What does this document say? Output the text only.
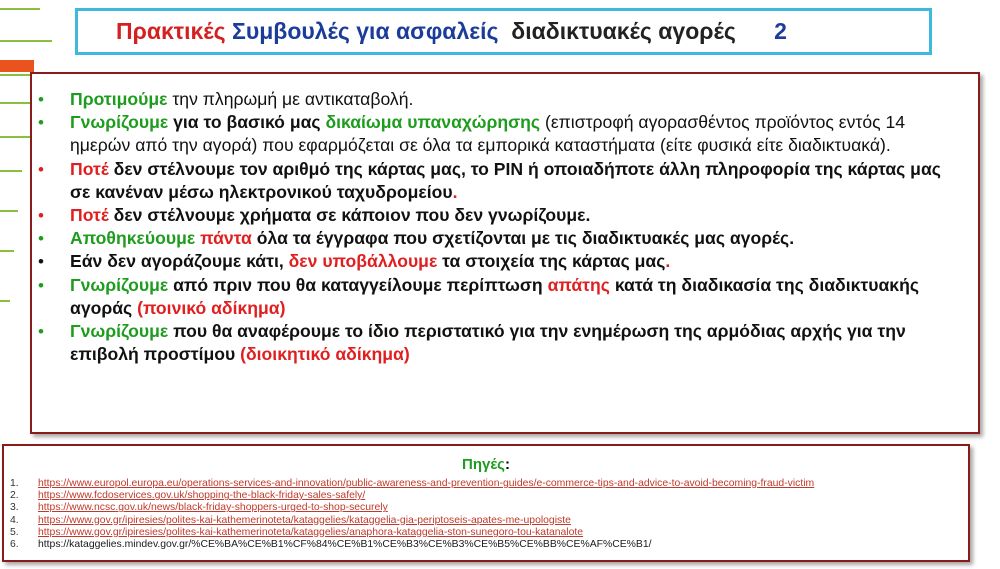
Πρακτικές Συμβουλές για ασφαλείς  διαδικτυακές αγορές      2
• Προτιμούμε την πληρωμή με αντικαταβολή.
• Γνωρίζουμε για το βασικό μας δικαίωμα υπαναχώρησης (επιστροφή αγορασθέντος προϊόντος εντός 14 ημερών από την αγορά) που εφαρμόζεται σε όλα τα εμπορικά καταστήματα (είτε φυσικά είτε διαδικτυακά).
• Ποτέ δεν στέλνουμε τον αριθμό της κάρτας μας, το PIN ή οποιαδήποτε άλλη πληροφορία της κάρτας μας σε κανέναν μέσω ηλεκτρονικού ταχυδρομείου.
• Ποτέ δεν στέλνουμε χρήματα σε κάποιον που δεν γνωρίζουμε.
• Αποθηκεύουμε πάντα όλα τα έγγραφα που σχετίζονται με τις διαδικτυακές μας αγορές.
• Εάν δεν αγοράζουμε κάτι, δεν υποβάλλουμε τα στοιχεία της κάρτας μας.
• Γνωρίζουμε από πριν που θα καταγγείλουμε περίπτωση απάτης κατά τη διαδικασία της διαδικτυακής αγοράς (ποινικό αδίκημα)
• Γνωρίζουμε που θα αναφέρουμε το ίδιο περιστατικό για την ενημέρωση της αρμόδιας αρχής για την επιβολή προστίμου (διοικητικό αδίκημα)
Πηγές:
1. https://www.europol.europa.eu/operations-services-and-innovation/public-awareness-and-prevention-guides/e-commerce-tips-and-advice-to-avoid-becoming-fraud-victim
2. https://www.fcdoservices.gov.uk/shopping-the-black-friday-sales-safely/
3. https://www.ncsc.gov.uk/news/black-friday-shoppers-urged-to-shop-securely
4. https://www.gov.gr/ipiresies/polites-kai-kathemerinoteta/kataggelies/kataggelia-gia-periptoseis-apates-me-upologiste
5. https://www.gov.gr/ipiresies/polites-kai-kathemerinoteta/kataggelies/anaphora-kataggelia-ston-sunegoro-tou-katanalote
6. https://kataggelies.mindev.gov.gr/%CE%BA%CE%B1%CF%84%CE%B1%CE%B3%CE%B3%CE%B5%CE%BB%CE%AF%CE%B1/
